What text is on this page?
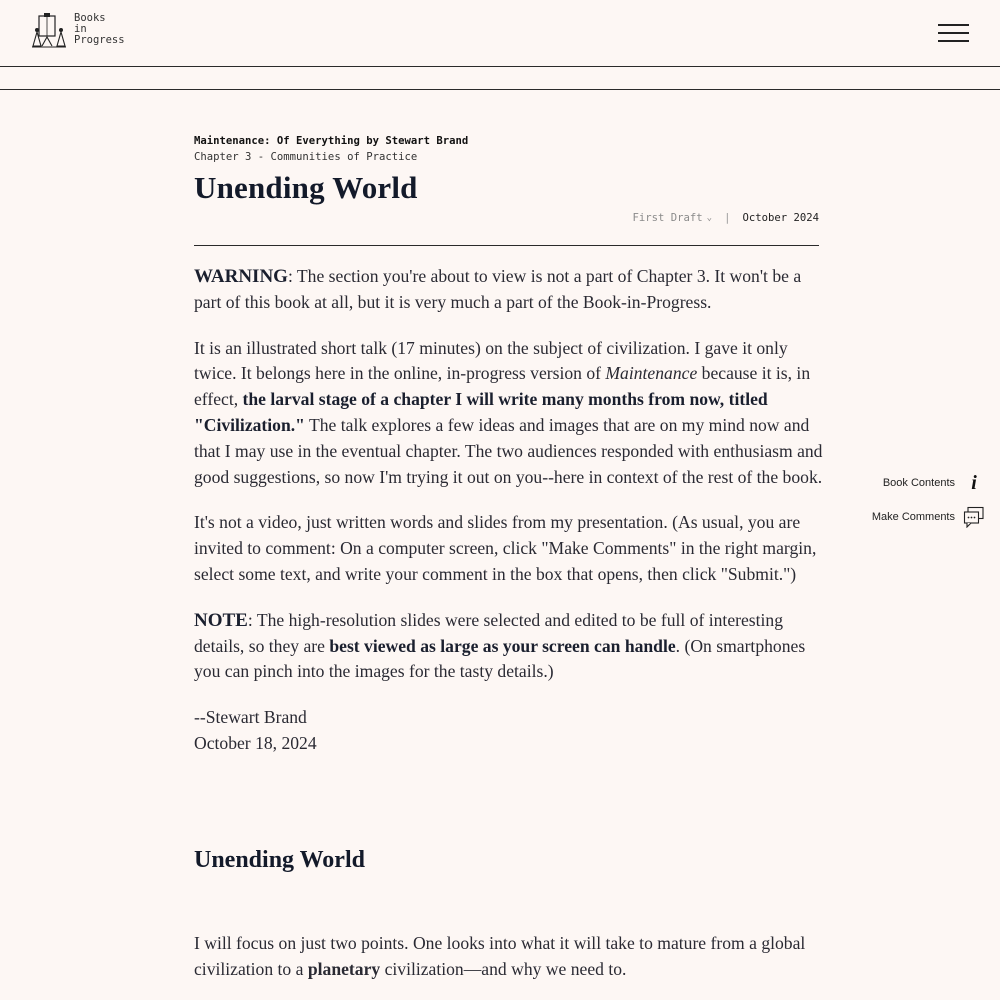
Books
in
Progress
Maintenance: Of Everything by Stewart Brand
Chapter 3 - Communities of Practice
Unending World
First Draft ⌄ | October 2024

WARNING: The section you're about to view is not a part of Chapter 3. It won't be a part of this book at all, but it is very much a part of the Book-in-Progress.

It is an illustrated short talk (17 minutes) on the subject of civilization. I gave it only twice. It belongs here in the online, in-progress version of Maintenance because it is, in effect, the larval stage of a chapter I will write many months from now, titled "Civilization." The talk explores a few ideas and images that are on my mind now and that I may use in the eventual chapter. The two audiences responded with enthusiasm and good suggestions, so now I'm trying it out on you--here in context of the rest of the book.

It's not a video, just written words and slides from my presentation. (As usual, you are invited to comment: On a computer screen, click "Make Comments" in the right margin, select some text, and write your comment in the box that opens, then click "Submit.")

NOTE: The high-resolution slides were selected and edited to be full of interesting details, so they are best viewed as large as your screen can handle. (On smartphones you can pinch into the images for the tasty details.)

--Stewart Brand
October 18, 2024
Unending World

I will focus on just two points. One looks into what it will take to mature from a global civilization to a planetary civilization—and why we need to.

Book Contents i
Make Comments
